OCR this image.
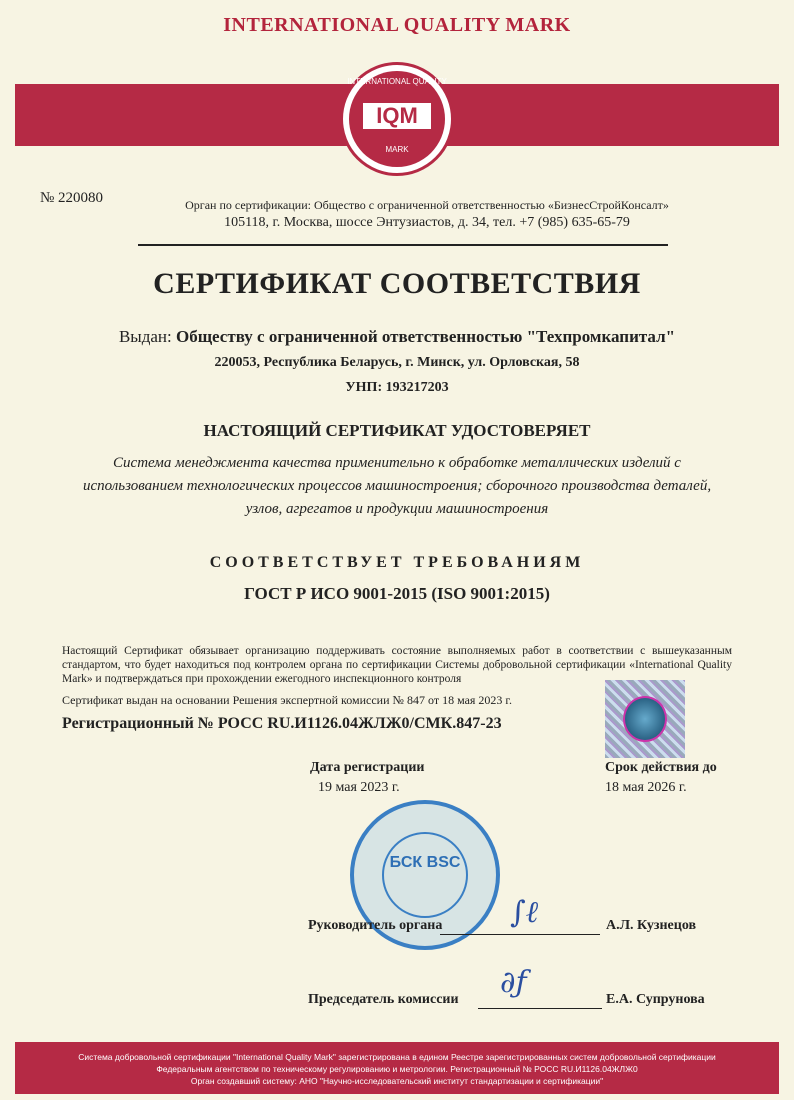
INTERNATIONAL QUALITY MARK
INTERNATIONAL QUALITY
IQM
MARK
№ 220080	Орган по сертификации: Общество с ограниченной ответственностью «БизнесСтройКонсалт»
105118, г. Москва, шоссе Энтузиастов, д. 34, тел. +7 (985) 635-65-79
СЕРТИФИКАТ СООТВЕТСТВИЯ
Выдан: Обществу с ограниченной ответственностью "Техпромкапитал"
220053, Республика Беларусь, г. Минск, ул. Орловская, 58
УНП: 193217203
НАСТОЯЩИЙ СЕРТИФИКАТ УДОСТОВЕРЯЕТ
Система менеджмента качества применительно к обработке металлических изделий с использованием технологических процессов машиностроения; сборочного производства деталей, узлов, агрегатов и продукции машиностроения
СООТВЕТСТВУЕТ ТРЕБОВАНИЯМ
ГОСТ Р ИСО 9001-2015 (ISO 9001:2015)
Настоящий Сертификат обязывает организацию поддерживать состояние выполняемых работ в соответствии с вышеуказанным стандартом, что будет находиться под контролем органа по сертификации Системы добровольной сертификации «International Quality Mark» и подтверждаться при прохождении ежегодного инспекционного контроля
Сертификат выдан на основании Решения экспертной комиссии № 847 от 18 мая 2023 г.
Регистрационный № РОСС RU.И1126.04ЖЛЖ0/СМК.847-23
Дата регистрации
19 мая 2023 г.
Срок действия до
18 мая 2026 г.
БСК BSC
Руководитель органа ∫ℓ	А.Л. Кузнецов
Председатель комиссии ∂ƒ	Е.А. Супрунова
Система добровольной сертификации "International Quality Mark" зарегистрирована в едином Реестре зарегистрированных систем добровольной сертификации
Федеральным агентством по техническому регулированию и метрологии. Регистрационный № РОСС RU.И1126.04ЖЛЖ0
Орган создавший систему: АНО "Научно-исследовательский институт стандартизации и сертификации"
